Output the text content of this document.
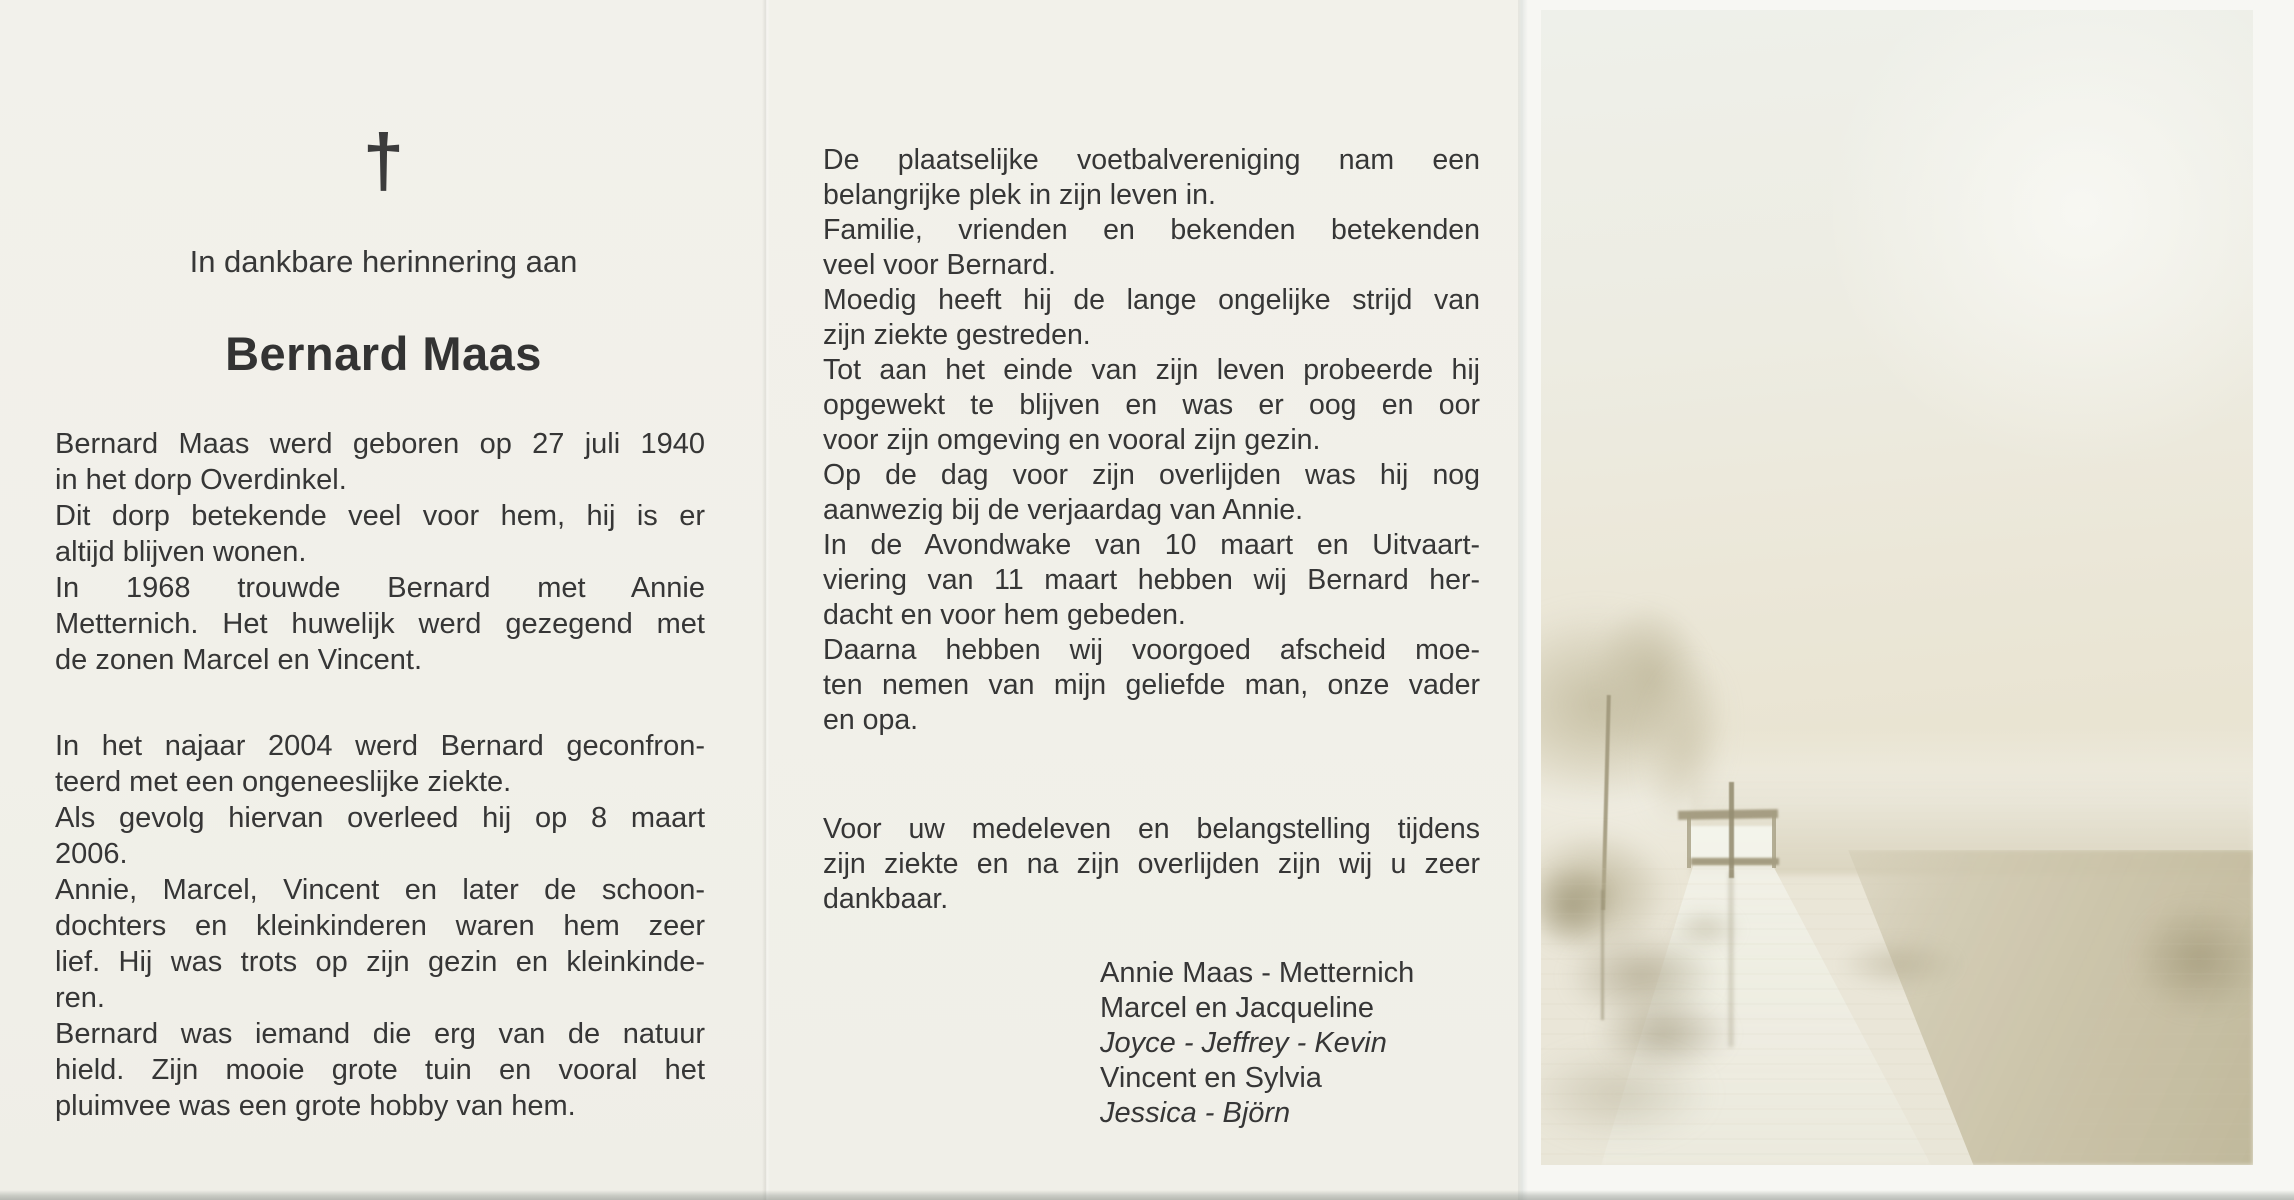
†
In dankbare herinnering aan
Bernard Maas
Bernard Maas werd geboren op 27 juli 1940
in het dorp Overdinkel.
Dit dorp betekende veel voor hem, hij is er
altijd blijven wonen.
In 1968 trouwde Bernard met Annie
Metternich. Het huwelijk werd gezegend met
de zonen Marcel en Vincent.
In het najaar 2004 werd Bernard geconfron-
teerd met een ongeneeslijke ziekte.
Als gevolg hiervan overleed hij op 8 maart
2006.
Annie, Marcel, Vincent en later de schoon-
dochters en kleinkinderen waren hem zeer
lief. Hij was trots op zijn gezin en kleinkinde-
ren.
Bernard was iemand die erg van de natuur
hield. Zijn mooie grote tuin en vooral het
pluimvee was een grote hobby van hem.
De plaatselijke voetbalvereniging nam een
belangrijke plek in zijn leven in.
Familie, vrienden en bekenden betekenden
veel voor Bernard.
Moedig heeft hij de lange ongelijke strijd van
zijn ziekte gestreden.
Tot aan het einde van zijn leven probeerde hij
opgewekt te blijven en was er oog en oor
voor zijn omgeving en vooral zijn gezin.
Op de dag voor zijn overlijden was hij nog
aanwezig bij de verjaardag van Annie.
In de Avondwake van 10 maart en Uitvaart-
viering van 11 maart hebben wij Bernard her-
dacht en voor hem gebeden.
Daarna hebben wij voorgoed afscheid moe-
ten nemen van mijn geliefde man, onze vader
en opa.
Voor uw medeleven en belangstelling tijdens
zijn ziekte en na zijn overlijden zijn wij u zeer
dankbaar.
Annie Maas - Metternich
Marcel en Jacqueline
Joyce - Jeffrey - Kevin
Vincent en Sylvia
Jessica - Björn
